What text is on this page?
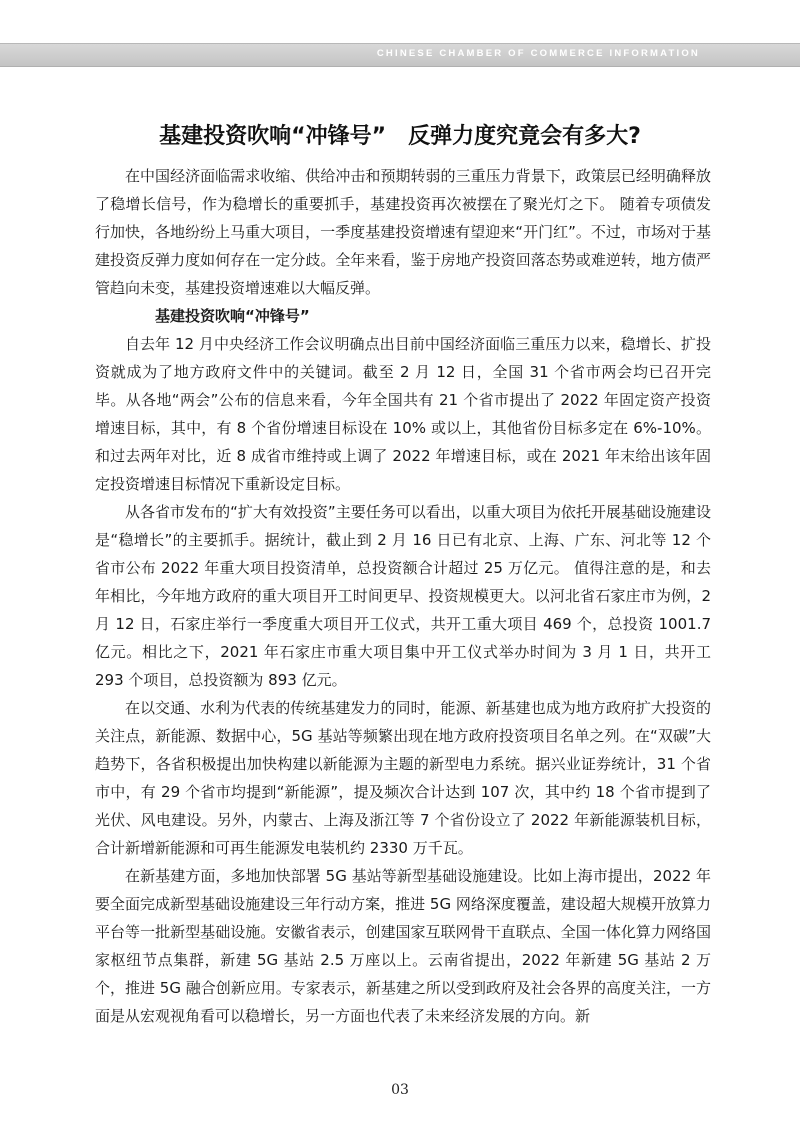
CHINESE CHAMBER OF COMMERCE INFORMATION
基建投资吹响“冲锋号”　反弹力度究竟会有多大?

在中国经济面临需求收缩、供给冲击和预期转弱的三重压力背景下，政策层已经明确释放了稳增长信号，作为稳增长的重要抓手，基建投资再次被摆在了聚光灯之下。 随着专项债发行加快，各地纷纷上马重大项目，一季度基建投资增速有望迎来“开门红”。不过，市场对于基建投资反弹力度如何存在一定分歧。全年来看，鉴于房地产投资回落态势或难逆转，地方债严管趋向未变，基建投资增速难以大幅反弹。

基建投资吹响“冲锋号”

自去年 12 月中央经济工作会议明确点出目前中国经济面临三重压力以来，稳增长、扩投资就成为了地方政府文件中的关键词。截至 2 月 12 日，全国 31 个省市两会均已召开完毕。从各地“两会”公布的信息来看，今年全国共有 21 个省市提出了 2022 年固定资产投资增速目标，其中，有 8 个省份增速目标设在 10% 或以上，其他省份目标多定在 6%-10%。和过去两年对比，近 8 成省市维持或上调了 2022 年增速目标，或在 2021 年末给出该年固定投资增速目标情况下重新设定目标。

从各省市发布的“扩大有效投资”主要任务可以看出，以重大项目为依托开展基础设施建设是“稳增长”的主要抓手。据统计，截止到 2 月 16 日已有北京、上海、广东、河北等 12 个省市公布 2022 年重大项目投资清单，总投资额合计超过 25 万亿元。 值得注意的是，和去年相比，今年地方政府的重大项目开工时间更早、投资规模更大。以河北省石家庄市为例，2 月 12 日，石家庄举行一季度重大项目开工仪式，共开工重大项目 469 个，总投资 1001.7 亿元。相比之下，2021 年石家庄市重大项目集中开工仪式举办时间为 3 月 1 日，共开工 293 个项目，总投资额为 893 亿元。

在以交通、水利为代表的传统基建发力的同时，能源、新基建也成为地方政府扩大投资的关注点，新能源、数据中心，5G 基站等频繁出现在地方政府投资项目名单之列。在“双碳”大趋势下，各省积极提出加快构建以新能源为主题的新型电力系统。据兴业证券统计，31 个省市中，有 29 个省市均提到“新能源”，提及频次合计达到 107 次，其中约 18 个省市提到了光伏、风电建设。另外，内蒙古、上海及浙江等 7 个省份设立了 2022 年新能源装机目标，合计新增新能源和可再生能源发电装机约 2330 万千瓦。

在新基建方面，多地加快部署 5G 基站等新型基础设施建设。比如上海市提出，2022 年要全面完成新型基础设施建设三年行动方案，推进 5G 网络深度覆盖，建设超大规模开放算力平台等一批新型基础设施。安徽省表示，创建国家互联网骨干直联点、全国一体化算力网络国家枢纽节点集群，新建 5G 基站 2.5 万座以上。云南省提出，2022 年新建 5G 基站 2 万个，推进 5G 融合创新应用。专家表示，新基建之所以受到政府及社会各界的高度关注，一方面是从宏观视角看可以稳增长，另一方面也代表了未来经济发展的方向。新

03
